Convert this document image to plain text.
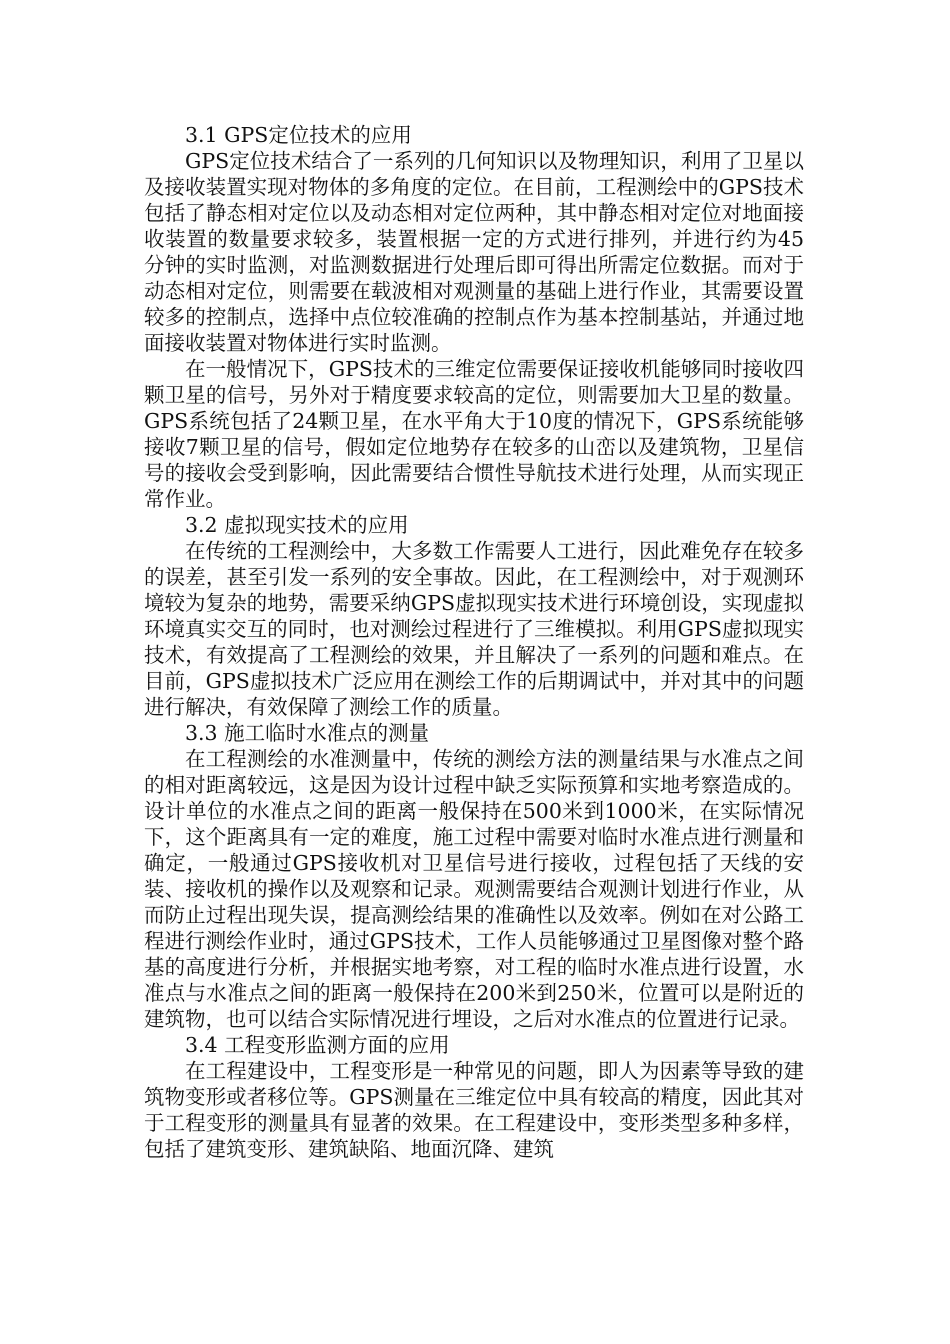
3.1 GPS定位技术的应用

GPS定位技术结合了一系列的几何知识以及物理知识，利用了卫星以及接收装置实现对物体的多角度的定位。在目前，工程测绘中的GPS技术包括了静态相对定位以及动态相对定位两种，其中静态相对定位对地面接收装置的数量要求较多，装置根据一定的方式进行排列，并进行约为45分钟的实时监测，对监测数据进行处理后即可得出所需定位数据。而对于动态相对定位，则需要在载波相对观测量的基础上进行作业，其需要设置较多的控制点，选择中点位较准确的控制点作为基本控制基站，并通过地面接收装置对物体进行实时监测。

在一般情况下，GPS技术的三维定位需要保证接收机能够同时接收四颗卫星的信号，另外对于精度要求较高的定位，则需要加大卫星的数量。GPS系统包括了24颗卫星，在水平角大于10度的情况下，GPS系统能够接收7颗卫星的信号，假如定位地势存在较多的山峦以及建筑物，卫星信号的接收会受到影响，因此需要结合惯性导航技术进行处理，从而实现正常作业。

3.2 虚拟现实技术的应用

在传统的工程测绘中，大多数工作需要人工进行，因此难免存在较多的误差，甚至引发一系列的安全事故。因此，在工程测绘中，对于观测环境较为复杂的地势，需要采纳GPS虚拟现实技术进行环境创设，实现虚拟环境真实交互的同时，也对测绘过程进行了三维模拟。利用GPS虚拟现实技术，有效提高了工程测绘的效果，并且解决了一系列的问题和难点。在目前，GPS虚拟技术广泛应用在测绘工作的后期调试中，并对其中的问题进行解决，有效保障了测绘工作的质量。

3.3 施工临时水准点的测量

在工程测绘的水准测量中，传统的测绘方法的测量结果与水准点之间的相对距离较远，这是因为设计过程中缺乏实际预算和实地考察造成的。设计单位的水准点之间的距离一般保持在500米到1000米，在实际情况下，这个距离具有一定的难度，施工过程中需要对临时水准点进行测量和确定，一般通过GPS接收机对卫星信号进行接收，过程包括了天线的安装、接收机的操作以及观察和记录。观测需要结合观测计划进行作业，从而防止过程出现失误，提高测绘结果的准确性以及效率。例如在对公路工程进行测绘作业时，通过GPS技术，工作人员能够通过卫星图像对整个路基的高度进行分析，并根据实地考察，对工程的临时水准点进行设置，水准点与水准点之间的距离一般保持在200米到250米，位置可以是附近的建筑物，也可以结合实际情况进行埋设，之后对水准点的位置进行记录。

3.4 工程变形监测方面的应用

在工程建设中，工程变形是一种常见的问题，即人为因素等导致的建筑物变形或者移位等。GPS测量在三维定位中具有较高的精度，因此其对于工程变形的测量具有显著的效果。在工程建设中，变形类型多种多样，包括了建筑变形、建筑缺陷、地面沉降、建筑
